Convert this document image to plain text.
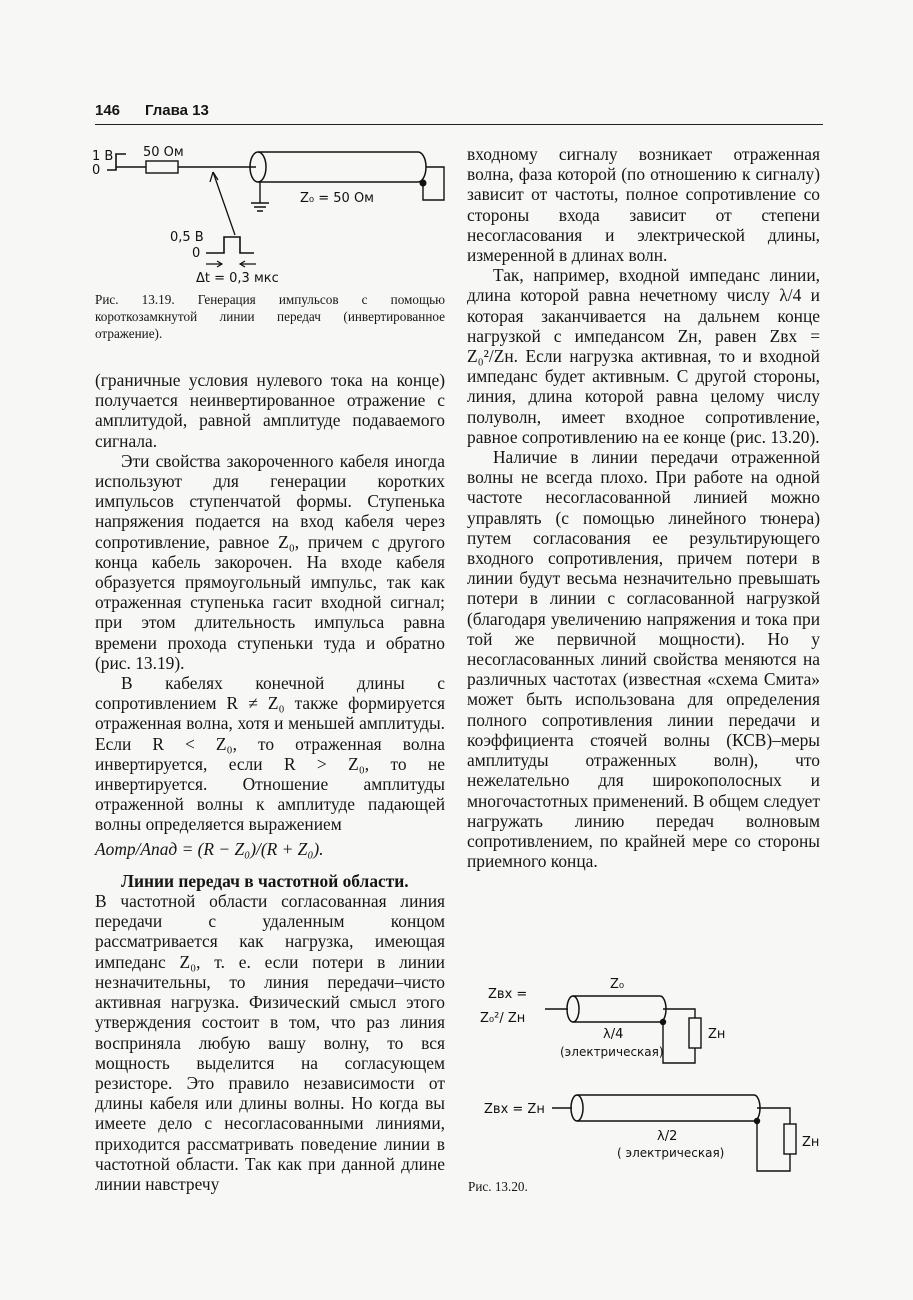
146 Глава 13
1 В
0
50 Ом
Z₀ = 50 Ом
0,5 В
0
Δt = 0,3 мкс
Рис. 13.19. Генерация импульсов с помощью короткозамкнутой линии передач (инвертированное отражение).

(граничные условия нулевого тока на конце) получается неинвертированное отражение с амплитудой, равной амплитуде подаваемого сигнала.

Эти свойства закороченного кабеля иногда используют для генерации коротких импульсов ступенчатой формы. Ступенька напряжения подается на вход кабеля через сопротивление, равное Z₀, причем с другого конца кабель закорочен. На входе кабеля образуется прямоугольный импульс, так как отраженная ступенька гасит входной сигнал; при этом длительность импульса равна времени прохода ступеньки туда и обратно (рис. 13.19).

В кабелях конечной длины с сопротивлением R ≠ Z₀ также формируется отраженная волна, хотя и меньшей амплитуды. Если R < Z₀, то отраженная волна инвертируется, если R > Z₀, то не инвертируется. Отношение амплитуды отраженной волны к амплитуде падающей волны определяется выражением

Aотр/Aпад = (R − Z₀)/(R + Z₀).

Линии передач в частотной области.

В частотной области согласованная линия передачи с удаленным концом рассматривается как нагрузка, имеющая импеданс Z₀, т. е. если потери в линии незначительны, то линия передачи–чисто активная нагрузка. Физический смысл этого утверждения состоит в том, что раз линия восприняла любую вашу волну, то вся мощность выделится на согласующем резисторе. Это правило независимости от длины кабеля или длины волны. Но когда вы имеете дело с несогласованными линиями, приходится рассматривать поведение линии в частотной области. Так как при данной длине линии навстречу

входному сигналу возникает отраженная волна, фаза которой (по отношению к сигналу) зависит от частоты, полное сопротивление со стороны входа зависит от степени несогласования и электрической длины, измеренной в длинах волн.

Так, например, входной импеданс линии, длина которой равна нечетному числу λ/4 и которая заканчивается на дальнем конце нагрузкой с импедансом Zн, равен Zвх = Z₀²/Zн. Если нагрузка активная, то и входной импеданс будет активным. С другой стороны, линия, длина которой равна целому числу полуволн, имеет входное сопротивление, равное сопротивлению на ее конце (рис. 13.20).

Наличие в линии передачи отраженной волны не всегда плохо. При работе на одной частоте несогласованной линией можно управлять (с помощью линейного тюнера) путем согласования ее результирующего входного сопротивления, причем потери в линии будут весьма незначительно превышать потери в линии с согласованной нагрузкой (благодаря увеличению напряжения и тока при той же первичной мощности). Но у несогласованных линий свойства меняются на различных частотах (известная «схема Смита» может быть использована для определения полного сопротивления линии передачи и коэффициента стоячей волны (КСВ)–меры амплитуды отраженных волн), что нежелательно для широкополосных и многочастотных применений. В общем следует нагружать линию передач волновым сопротивлением, по крайней мере со стороны приемного конца.

Zвх =
Z₀²/ Zн
Z₀
Zн
λ/4
(электрическая)
Zвх = Zн
Zн
λ/2
( электрическая)
Рис. 13.20.
